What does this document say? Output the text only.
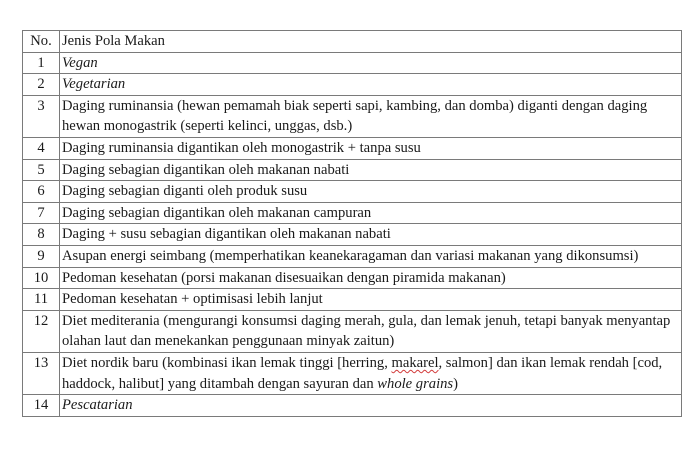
No.	Jenis Pola Makan
1	Vegan
2	Vegetarian
3	Daging ruminansia (hewan pemamah biak seperti sapi, kambing, dan domba) diganti dengan daging hewan monogastrik (seperti kelinci, unggas, dsb.)
4	Daging ruminansia digantikan oleh monogastrik + tanpa susu
5	Daging sebagian digantikan oleh makanan nabati
6	Daging sebagian diganti oleh produk susu
7	Daging sebagian digantikan oleh makanan campuran
8	Daging + susu sebagian digantikan oleh makanan nabati
9	Asupan energi seimbang (memperhatikan keanekaragaman dan variasi makanan yang dikonsumsi)
10	Pedoman kesehatan (porsi makanan disesuaikan dengan piramida makanan)
11	Pedoman kesehatan + optimisasi lebih lanjut
12	Diet mediterania (mengurangi konsumsi daging merah, gula, dan lemak jenuh, tetapi banyak menyantap olahan laut dan menekankan penggunaan minyak zaitun)
13	Diet nordik baru (kombinasi ikan lemak tinggi [herring, makarel, salmon] dan ikan lemak rendah [cod, haddock, halibut] yang ditambah dengan sayuran dan whole grains)
14	Pescatarian
